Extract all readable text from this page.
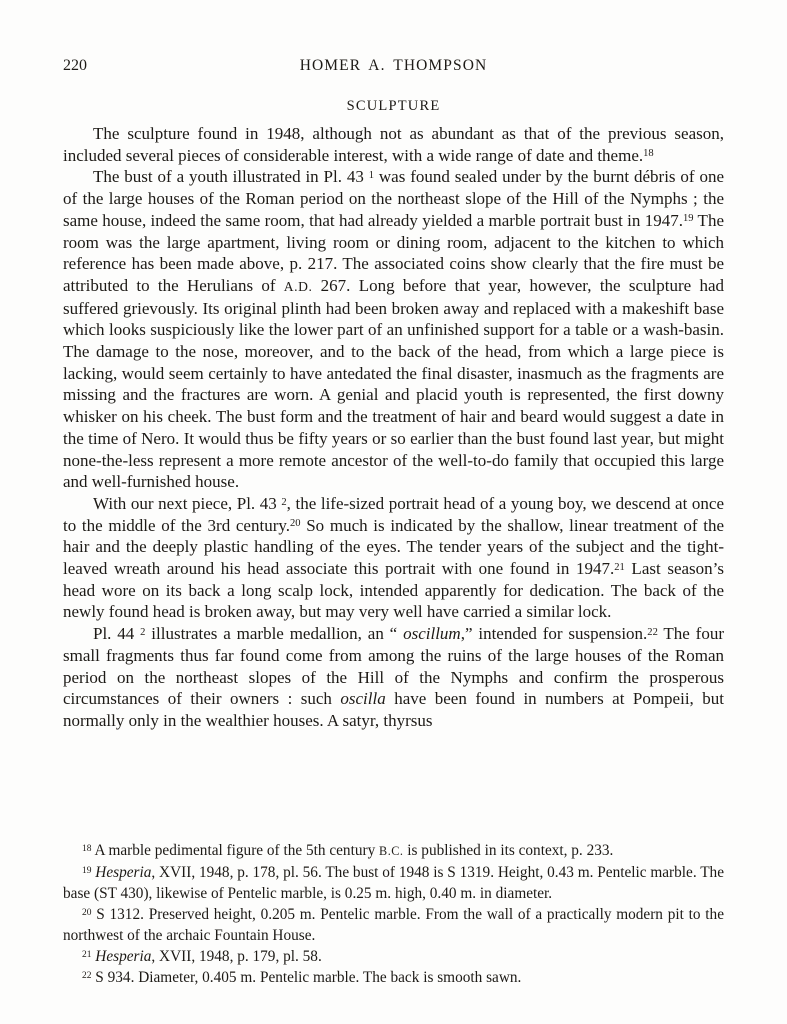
220	HOMER A. THOMPSON
SCULPTURE

The sculpture found in 1948, although not as abundant as that of the previous season, included several pieces of considerable interest, with a wide range of date and theme.$^{18}$

The bust of a youth illustrated in Pl. 43 $^1$ was found sealed under by the burnt débris of one of the large houses of the Roman period on the northeast slope of the Hill of the Nymphs ; the same house, indeed the same room, that had already yielded a marble portrait bust in 1947.19 The room was the large apartment, living room or dining room, adjacent to the kitchen to which reference has been made above, p. 217. The associated coins show clearly that the fire must be attributed to the Herulians of A.D. 267. Long before that year, however, the sculpture had suffered grievously. Its original plinth had been broken away and replaced with a makeshift base which looks suspiciously like the lower part of an unfinished support for a table or a wash-basin. The damage to the nose, moreover, and to the back of the head, from which a large piece is lacking, would seem certainly to have antedated the final disaster, inasmuch as the fragments are missing and the fractures are worn. A genial and placid youth is represented, the first downy whisker on his cheek. The bust form and the treatment of hair and beard would suggest a date in the time of Nero. It would thus be fifty years or so earlier than the bust found last year, but might none-the-less represent a more remote ancestor of the well-to-do family that occupied this large and well-furnished house.

With our next piece, Pl. 43 $^2$, the life-sized portrait head of a young boy, we descend at once to the middle of the 3rd century.$^{20}$ So much is indicated by the shallow, linear treatment of the hair and the deeply plastic handling of the eyes. The tender years of the subject and the tight-leaved wreath around his head associate this portrait with one found in 1947.21 Last season’s head wore on its back a long scalp lock, intended apparently for dedication. The back of the newly found head is broken away, but may very well have carried a similar lock.

Pl. 44 $^2$ illustrates a marble medallion, an “ oscillum,” intended for suspension.$^{22}$ The four small fragments thus far found come from among the ruins of the large houses of the Roman period on the northeast slopes of the Hill of the Nymphs and confirm the prosperous circumstances of their owners : such oscilla have been found in numbers at Pompeii, but normally only in the wealthier houses. A satyr, thyrsus

$^{18}$ A marble pedimental figure of the 5th century B.C. is published in its context, p. 233.

$^{19}$ Hesperia, XVII, 1948, p. 178, pl. 56. The bust of 1948 is S 1319. Height, 0.43 m. Pentelic marble. The base (ST 430), likewise of Pentelic marble, is 0.25 m. high, 0.40 m. in diameter.

$^{20}$ S 1312. Preserved height, 0.205 m. Pentelic marble. From the wall of a practically modern pit to the northwest of the archaic Fountain House.

$^{21}$ Hesperia, XVII, 1948, p. 179, pl. 58.

$^{22}$ S 934. Diameter, 0.405 m. Pentelic marble. The back is smooth sawn.
